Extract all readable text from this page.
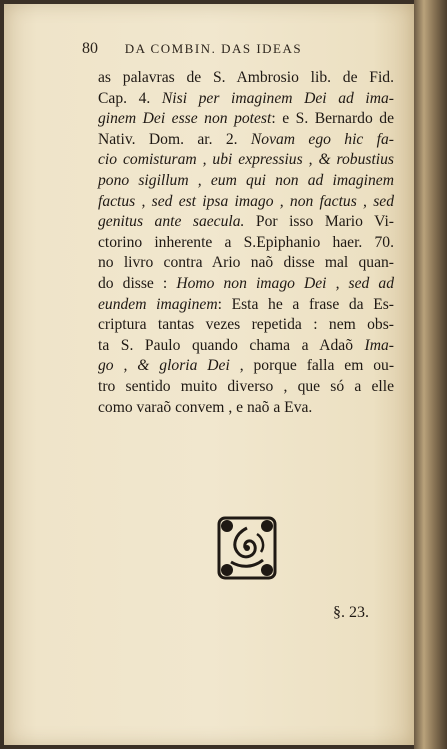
80 DA COMBIN. DAS IDEAS
as palavras de S. Ambrosio lib. de Fid.
Cap. 4. Nisi per imaginem Dei ad ima-
ginem Dei esse non potest: e S. Bernardo de
Nativ. Dom. ar. 2. Novam ego hic fa-
cio comisturam , ubi expressius , & robustius
pono sigillum , eum qui non ad imaginem
factus , sed est ipsa imago , non factus , sed
genitus ante saecula. Por isso Mario Vi-
ctorino inherente a S.Epiphanio haer. 70.
no livro contra Ario naõ disse mal quan-
do disse : Homo non imago Dei , sed ad
eundem imaginem: Esta he a frase da Es-
criptura tantas vezes repetida : nem obs-
ta S. Paulo quando chama a Adaõ Ima-
go , & gloria Dei , porque falla em ou-
tro sentido muito diverso , que só a elle
como varaõ convem , e naõ a Eva.
§. 23.
